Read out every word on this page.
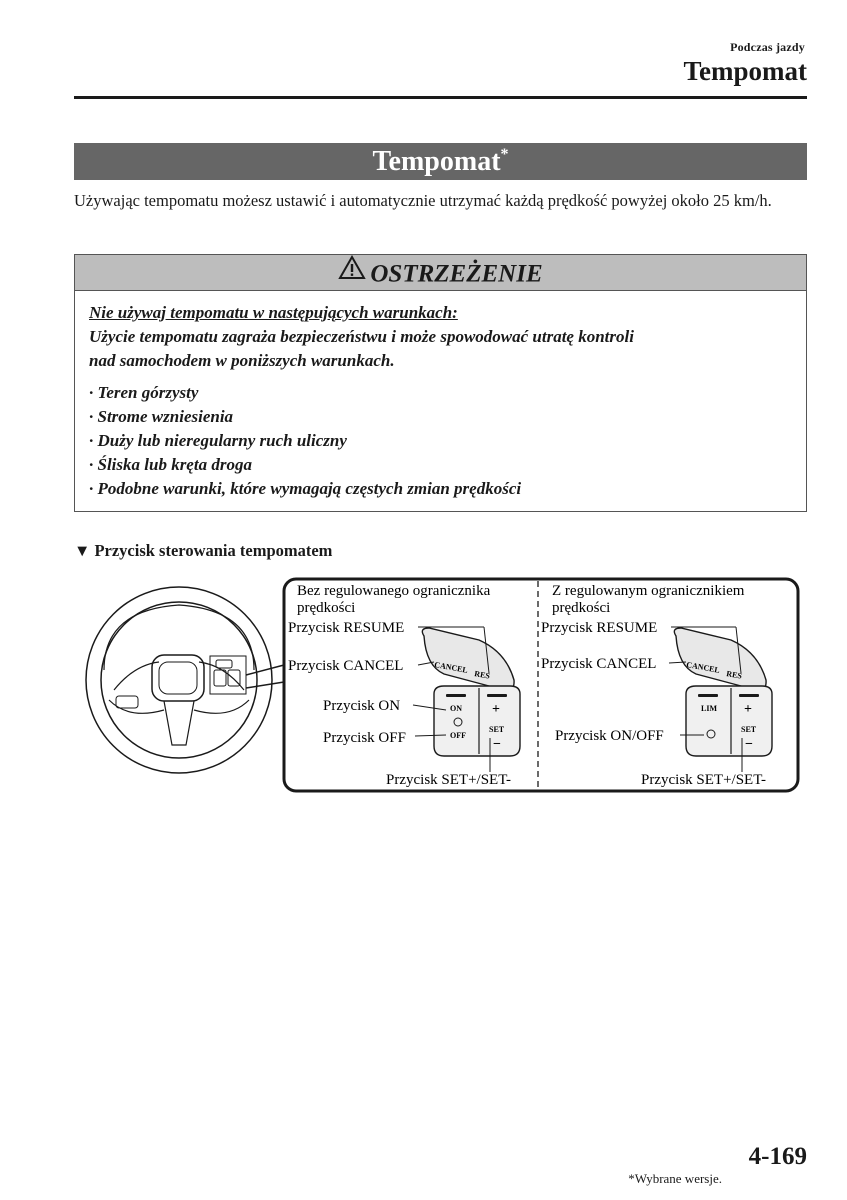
Podczas jazdy
Tempomat
Tempomat*
Używając tempomatu możesz ustawić i automatycznie utrzymać każdą prędkość powyżej około 25 km/h.
OSTRZEŻENIE
Nie używaj tempomatu w następujących warunkach:
Użycie tempomatu zagraża bezpieczeństwu i może spowodować utratę kontroli
nad samochodem w poniższych warunkach.
· Teren górzysty
· Strome wzniesienia
· Duży lub nieregularny ruch uliczny
· Śliska lub kręta droga
· Podobne warunki, które wymagają częstych zmian prędkości
▼ Przycisk sterowania tempomatem
Bez regulowanego ogranicznika
prędkości
Przycisk RESUME
Przycisk CANCEL
Przycisk ON
Przycisk OFF
Przycisk SET+/SET-
CANCEL
RES
ON
OFF
+
SET
−
Z regulowanym ogranicznikiem
prędkości
Przycisk RESUME
Przycisk CANCEL
Przycisk ON/OFF
Przycisk SET+/SET-
CANCEL
RES
LIM +
SET
−
*Wybrane wersje.
4-169
